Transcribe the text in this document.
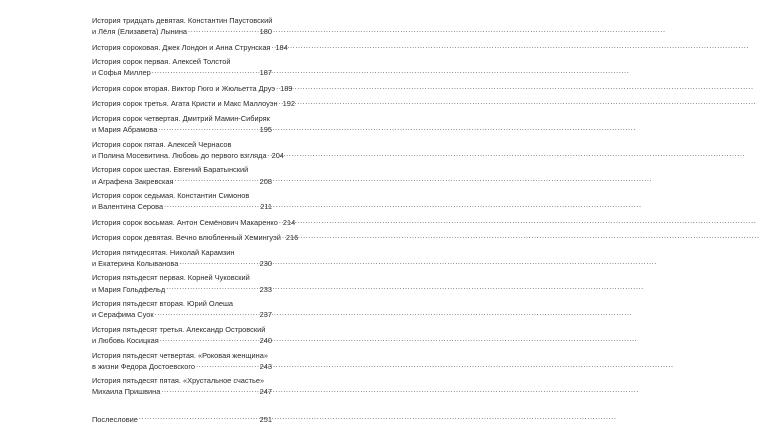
История тридцать девятая. Константин Паустовский
и Лёля (Елизавета) Лынина .....	180
История сороковая. Джек Лондон и Анна Струнская ..... 184
История сорок первая. Алексей Толстой
и Софья Миллер .....	187
История сорок вторая. Виктор Гюго и Жюльетта Друэ ..... 189
История сорок третья. Агата Кристи и Макс Маллоуэн ..... 192
История сорок четвертая. Дмитрий Мамин-Сибиряк
и Мария Абрамова .....	195
История сорок пятая. Алексей Чернасов
и Полина Мосевитина. Любовь до первого взгляда ..... 204
История сорок шестая. Евгений Баратынский
и Аграфена Закревская .....	208
История сорок седьмая. Константин Симонов
и Валентина Серова .....	211
История сорок восьмая. Антон Семёнович Макаренко ..... 214
История сорок девятая. Вечно влюбленный Хемингуэй ..... 216
История пятидесятая. Николай Карамзин
и Екатерина Колыванова .....	230
История пятьдесят первая. Корней Чуковский
и Мария Гольдфельд .....	233
История пятьдесят вторая. Юрий Олеша
и Серафима Суок .....	237
История пятьдесят третья. Александр Островский
и Любовь Косицкая .....	240
История пятьдесят четвертая. «Роковая женщина»
в жизни Федора Достоевского .....	243
История пятьдесят пятая. «Хрустальное счастье»
Михаила Пришвина .....	247
Послесловие .....	251
